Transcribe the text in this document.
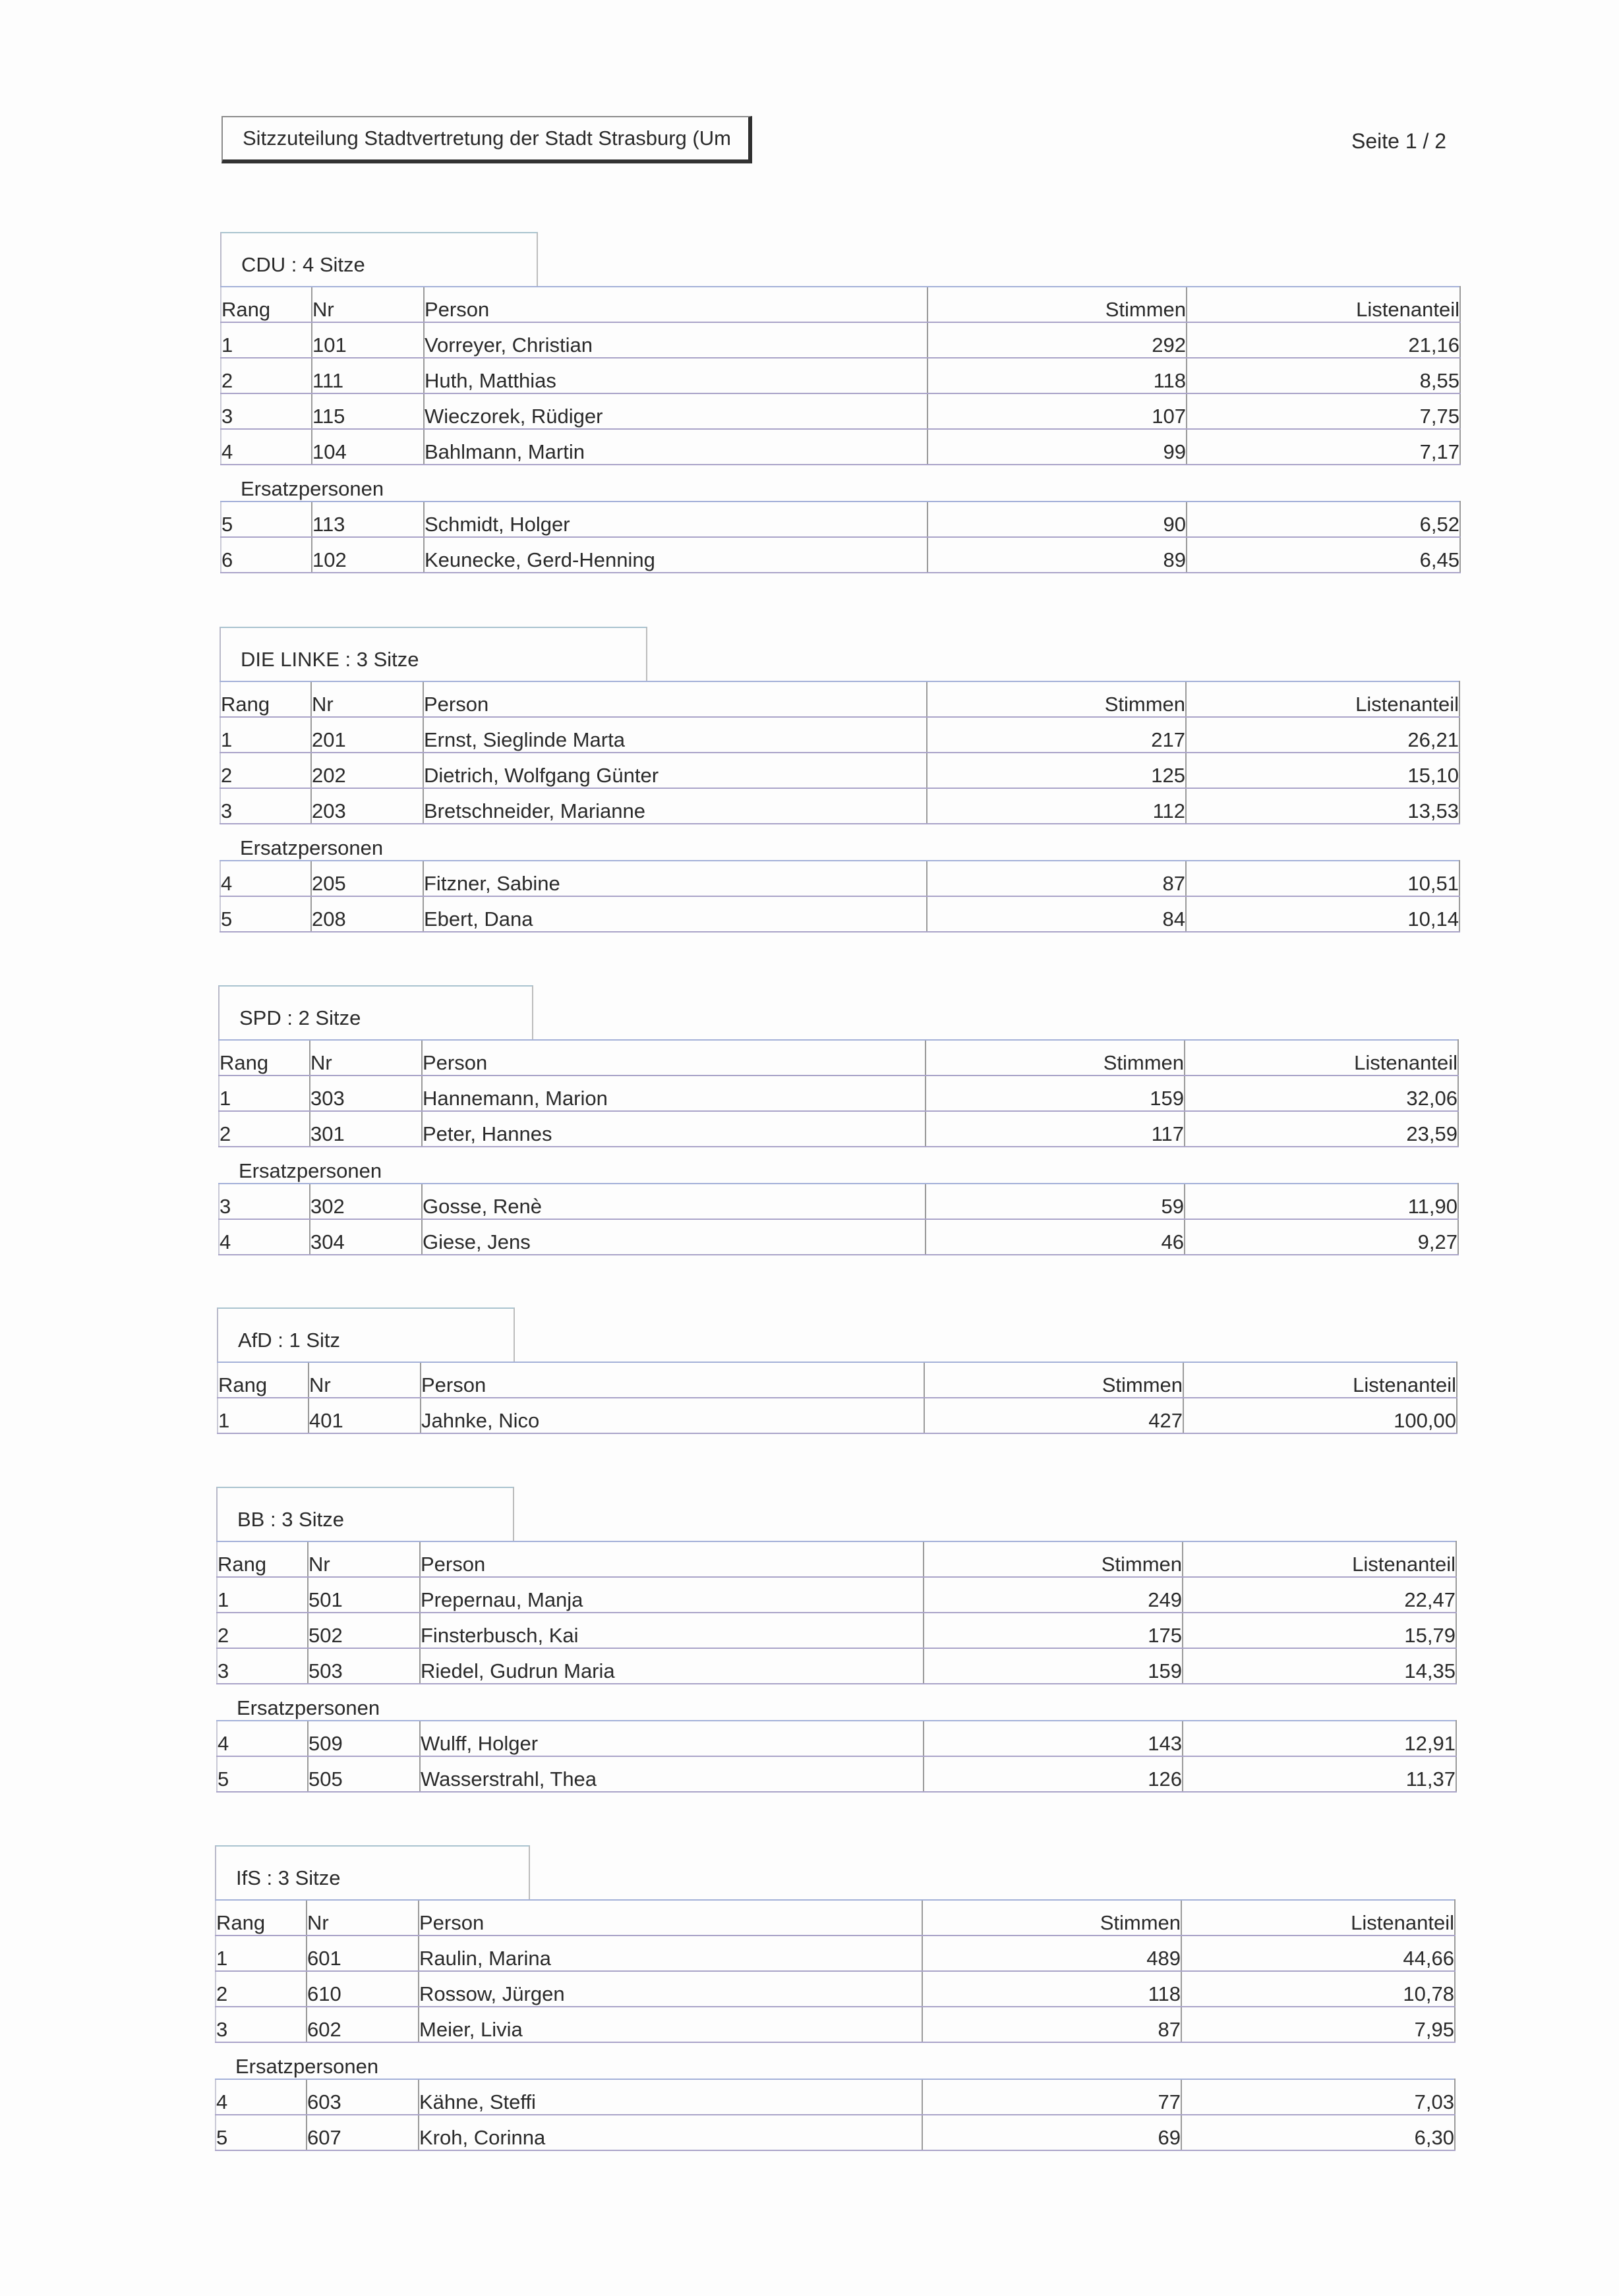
Sitzzuteilung Stadtvertretung der Stadt Strasburg (Um	Seite 1 / 2
CDU : 4 Sitze
Rang	Nr	Person	Stimmen	Listenanteil
1	101	Vorreyer, Christian	292	21,16
2	111	Huth, Matthias	118	8,55
3	115	Wieczorek, Rüdiger	107	7,75
4	104	Bahlmann, Martin	99	7,17
Ersatzpersonen				
5	113	Schmidt, Holger	90	6,52
6	102	Keunecke, Gerd-Henning	89	6,45
DIE LINKE : 3 Sitze
Rang	Nr	Person	Stimmen	Listenanteil
1	201	Ernst, Sieglinde Marta	217	26,21
2	202	Dietrich, Wolfgang Günter	125	15,10
3	203	Bretschneider, Marianne	112	13,53
Ersatzpersonen				
4	205	Fitzner, Sabine	87	10,51
5	208	Ebert, Dana	84	10,14
SPD : 2 Sitze
Rang	Nr	Person	Stimmen	Listenanteil
1	303	Hannemann, Marion	159	32,06
2	301	Peter, Hannes	117	23,59
Ersatzpersonen				
3	302	Gosse, Renè	59	11,90
4	304	Giese, Jens	46	9,27
AfD : 1 Sitz
Rang	Nr	Person	Stimmen	Listenanteil
1	401	Jahnke, Nico	427	100,00
BB : 3 Sitze
Rang	Nr	Person	Stimmen	Listenanteil
1	501	Prepernau, Manja	249	22,47
2	502	Finsterbusch, Kai	175	15,79
3	503	Riedel, Gudrun Maria	159	14,35
Ersatzpersonen				
4	509	Wulff, Holger	143	12,91
5	505	Wasserstrahl, Thea	126	11,37
IfS : 3 Sitze
Rang	Nr	Person	Stimmen	Listenanteil
1	601	Raulin, Marina	489	44,66
2	610	Rossow, Jürgen	118	10,78
3	602	Meier, Livia	87	7,95
Ersatzpersonen				
4	603	Kähne, Steffi	77	7,03
5	607	Kroh, Corinna	69	6,30
